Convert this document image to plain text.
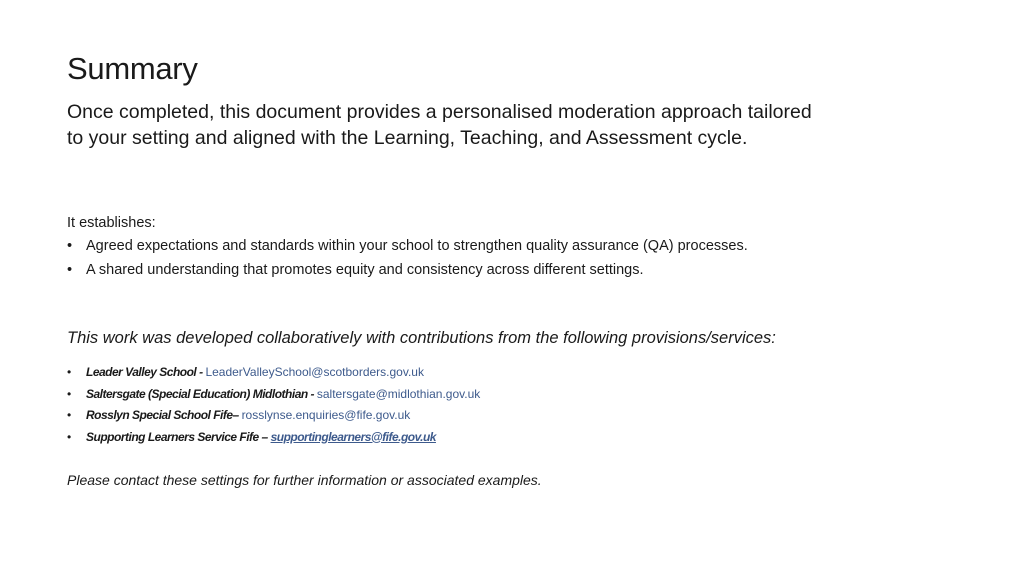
Summary

Once completed, this document provides a personalised moderation approach tailored to your setting and aligned with the Learning, Teaching, and Assessment cycle.

It establishes:

• Agreed expectations and standards within your school to strengthen quality assurance (QA) processes.
• A shared understanding that promotes equity and consistency across different settings.

This work was developed collaboratively with contributions from the following provisions/services:

• Leader Valley School - LeaderValleySchool@scotborders.gov.uk
• Saltersgate (Special Education) Midlothian - saltersgate@midlothian.gov.uk
• Rosslyn Special School Fife– rosslynse.enquiries@fife.gov.uk
• Supporting Learners Service Fife – supportinglearners@fife.gov.uk

Please contact these settings for further information or associated examples.
